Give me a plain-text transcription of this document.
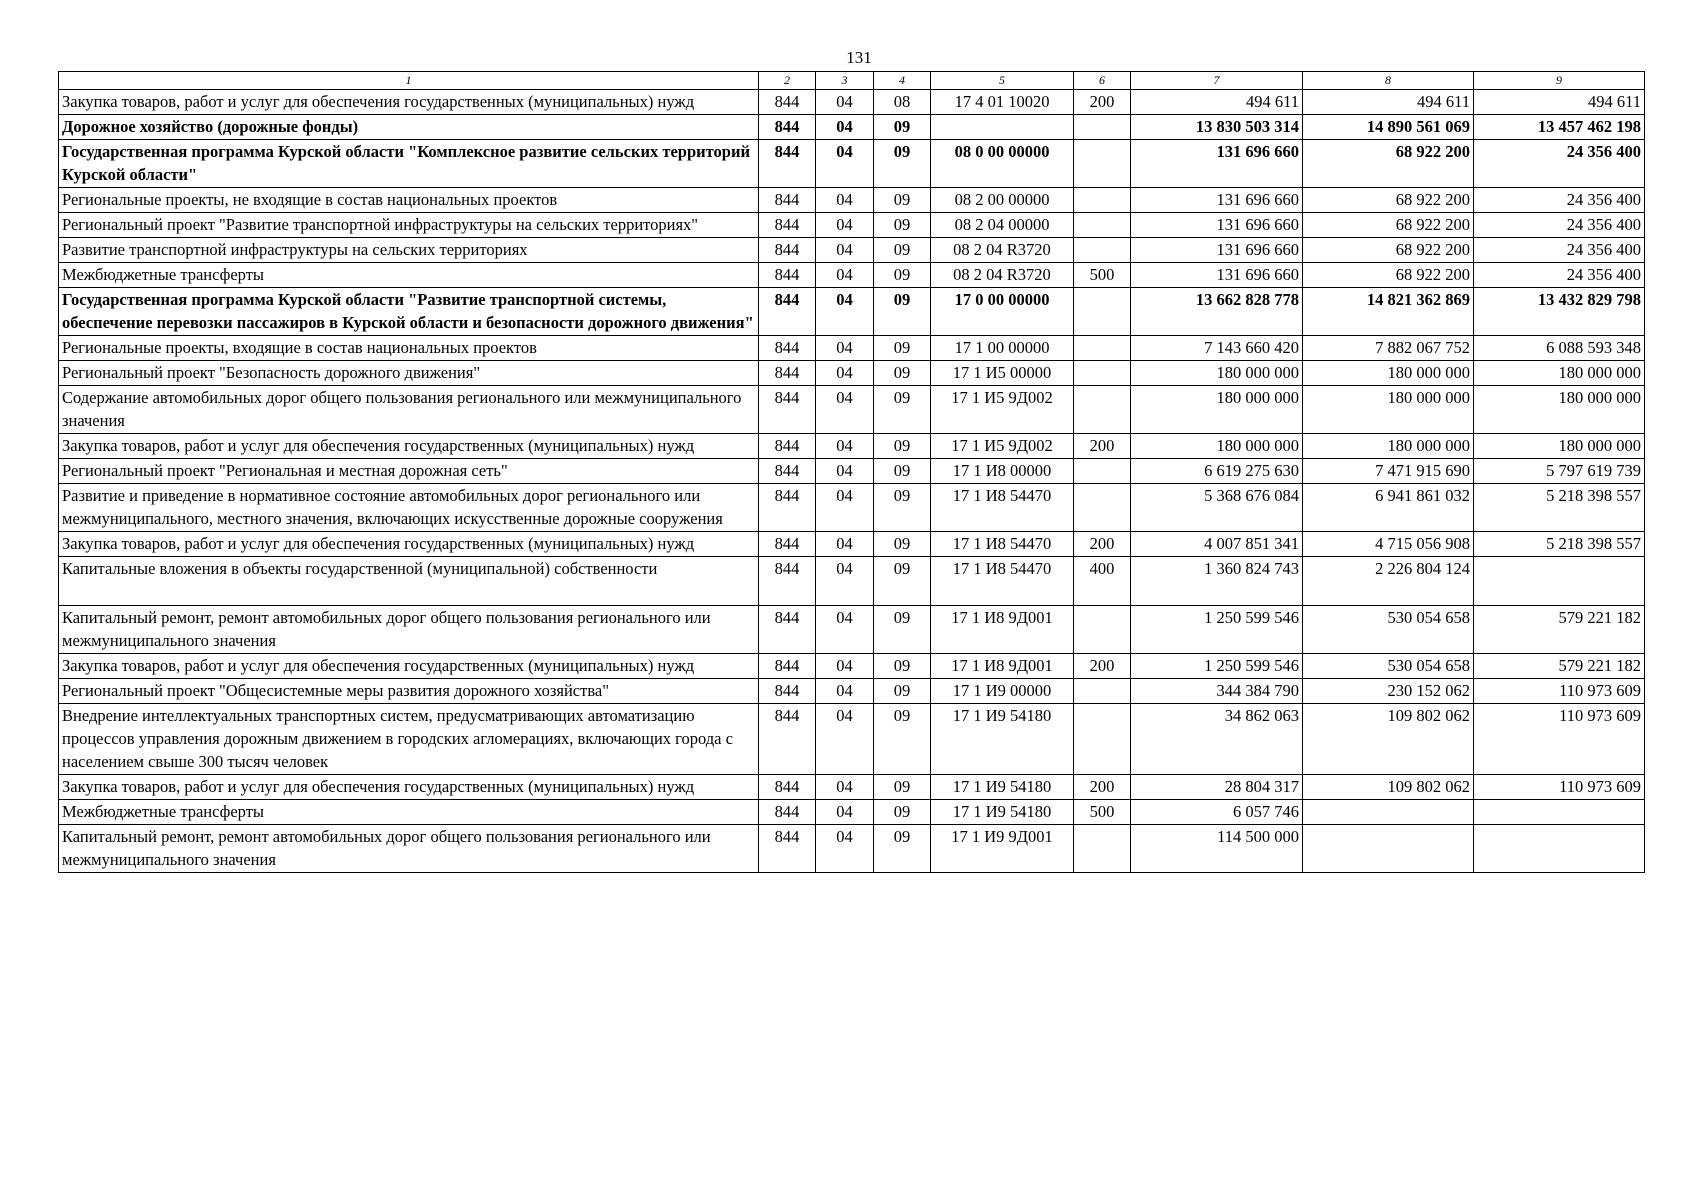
131
1	2	3	4	5	6	7	8	9
Закупка товаров, работ и услуг для обеспечения государственных (муниципальных) нужд	844	04	08	17 4 01 10020	200	494 611	494 611	494 611
Дорожное хозяйство (дорожные фонды)	844	04	09			13 830 503 314	14 890 561 069	13 457 462 198
Государственная программа Курской области "Комплексное развитие сельских территорий Курской области"	844	04	09	08 0 00 00000		131 696 660	68 922 200	24 356 400
Региональные проекты, не входящие в состав национальных проектов	844	04	09	08 2 00 00000		131 696 660	68 922 200	24 356 400
Региональный проект "Развитие транспортной инфраструктуры на сельских территориях"	844	04	09	08 2 04 00000		131 696 660	68 922 200	24 356 400
Развитие транспортной инфраструктуры на сельских территориях	844	04	09	08 2 04 R3720		131 696 660	68 922 200	24 356 400
Межбюджетные трансферты	844	04	09	08 2 04 R3720	500	131 696 660	68 922 200	24 356 400
Государственная программа Курской области "Развитие транспортной системы, обеспечение перевозки пассажиров в Курской области и безопасности дорожного движения"	844	04	09	17 0 00 00000		13 662 828 778	14 821 362 869	13 432 829 798
Региональные проекты, входящие в состав национальных проектов	844	04	09	17 1 00 00000		7 143 660 420	7 882 067 752	6 088 593 348
Региональный проект "Безопасность дорожного движения"	844	04	09	17 1 И5 00000		180 000 000	180 000 000	180 000 000
Содержание автомобильных дорог общего пользования регионального или межмуниципального значения	844	04	09	17 1 И5 9Д002		180 000 000	180 000 000	180 000 000
Закупка товаров, работ и услуг для обеспечения государственных (муниципальных) нужд	844	04	09	17 1 И5 9Д002	200	180 000 000	180 000 000	180 000 000
Региональный проект "Региональная и местная дорожная сеть"	844	04	09	17 1 И8 00000		6 619 275 630	7 471 915 690	5 797 619 739
Развитие и приведение в нормативное состояние автомобильных дорог регионального или межмуниципального, местного значения, включающих искусственные дорожные сооружения	844	04	09	17 1 И8 54470		5 368 676 084	6 941 861 032	5 218 398 557
Закупка товаров, работ и услуг для обеспечения государственных (муниципальных) нужд	844	04	09	17 1 И8 54470	200	4 007 851 341	4 715 056 908	5 218 398 557
Капитальные вложения в объекты государственной (муниципальной) собственности	844	04	09	17 1 И8 54470	400	1 360 824 743	2 226 804 124	
Капитальный ремонт, ремонт автомобильных дорог общего пользования регионального или межмуниципального значения	844	04	09	17 1 И8 9Д001		1 250 599 546	530 054 658	579 221 182
Закупка товаров, работ и услуг для обеспечения государственных (муниципальных) нужд	844	04	09	17 1 И8 9Д001	200	1 250 599 546	530 054 658	579 221 182
Региональный проект "Общесистемные меры развития дорожного хозяйства"	844	04	09	17 1 И9 00000		344 384 790	230 152 062	110 973 609
Внедрение интеллектуальных транспортных систем, предусматривающих автоматизацию процессов управления дорожным движением в городских агломерациях, включающих города с населением свыше 300 тысяч человек	844	04	09	17 1 И9 54180		34 862 063	109 802 062	110 973 609
Закупка товаров, работ и услуг для обеспечения государственных (муниципальных) нужд	844	04	09	17 1 И9 54180	200	28 804 317	109 802 062	110 973 609
Межбюджетные трансферты	844	04	09	17 1 И9 54180	500	6 057 746		
Капитальный ремонт, ремонт автомобильных дорог общего пользования регионального или межмуниципального значения	844	04	09	17 1 И9 9Д001		114 500 000		
